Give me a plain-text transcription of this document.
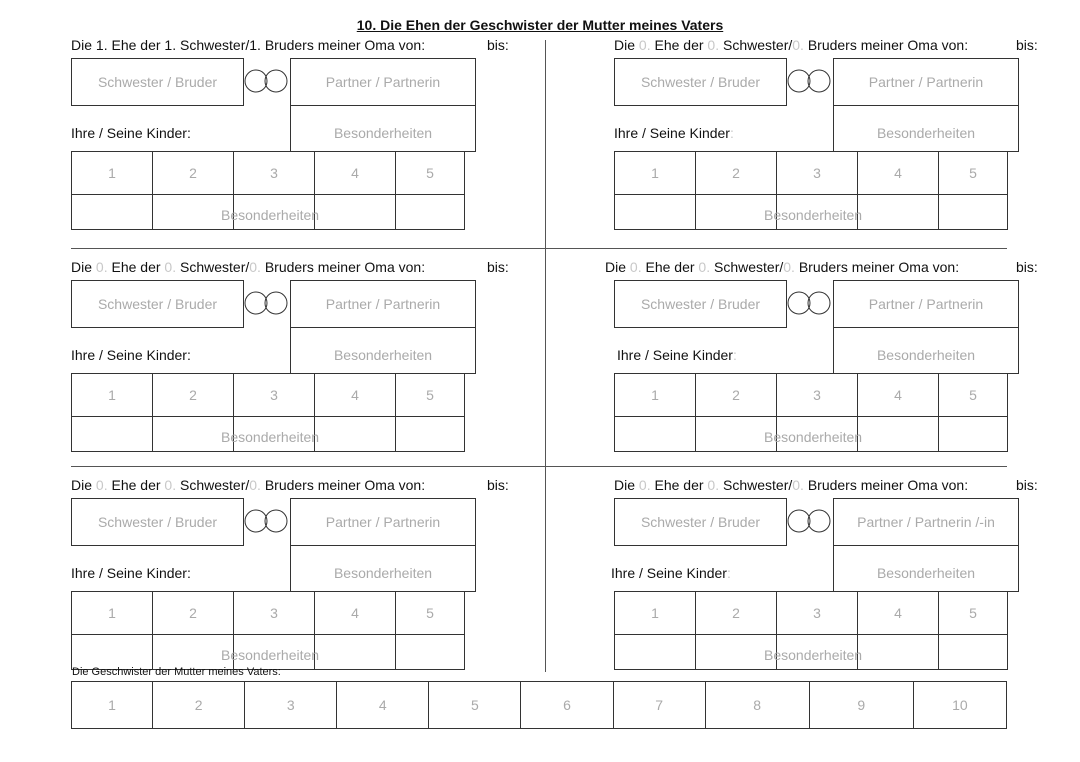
10. Die Ehen der Geschwister der Mutter meines Vaters
Die 1. Ehe der 1. Schwester/1. Bruders meiner Oma von:	bis:
Schwester / Bruder	Partner / Partnerin
Besonderheiten
Ihre / Seine Kinder:
1	2	3	4	5

Besonderheiten
Die 0. Ehe der 0. Schwester/0. Bruders meiner Oma von:	bis:
Schwester / Bruder	Partner / Partnerin
Besonderheiten
Ihre / Seine Kinder:
1	2	3	4	5

Besonderheiten
Die 0. Ehe der 0. Schwester/0. Bruders meiner Oma von:	bis:
Schwester / Bruder	Partner / Partnerin
Besonderheiten
Ihre / Seine Kinder:
1	2	3	4	5

Besonderheiten
Die 0. Ehe der 0. Schwester/0. Bruders meiner Oma von:	bis:
Schwester / Bruder	Partner / Partnerin
Besonderheiten
Ihre / Seine Kinder:
1	2	3	4	5

Besonderheiten
Die 0. Ehe der 0. Schwester/0. Bruders meiner Oma von:	bis:
Schwester / Bruder	Partner / Partnerin
Besonderheiten
Ihre / Seine Kinder:
1	2	3	4	5

Besonderheiten
Die 0. Ehe der 0. Schwester/0. Bruders meiner Oma von:	bis:
Schwester / Bruder	Partner / Partnerin /-in
Besonderheiten
Ihre / Seine Kinder:
1	2	3	4	5

Besonderheiten
Die Geschwister der Mutter meines Vaters:
1	2	3	4	5	6	7	8	9	10
